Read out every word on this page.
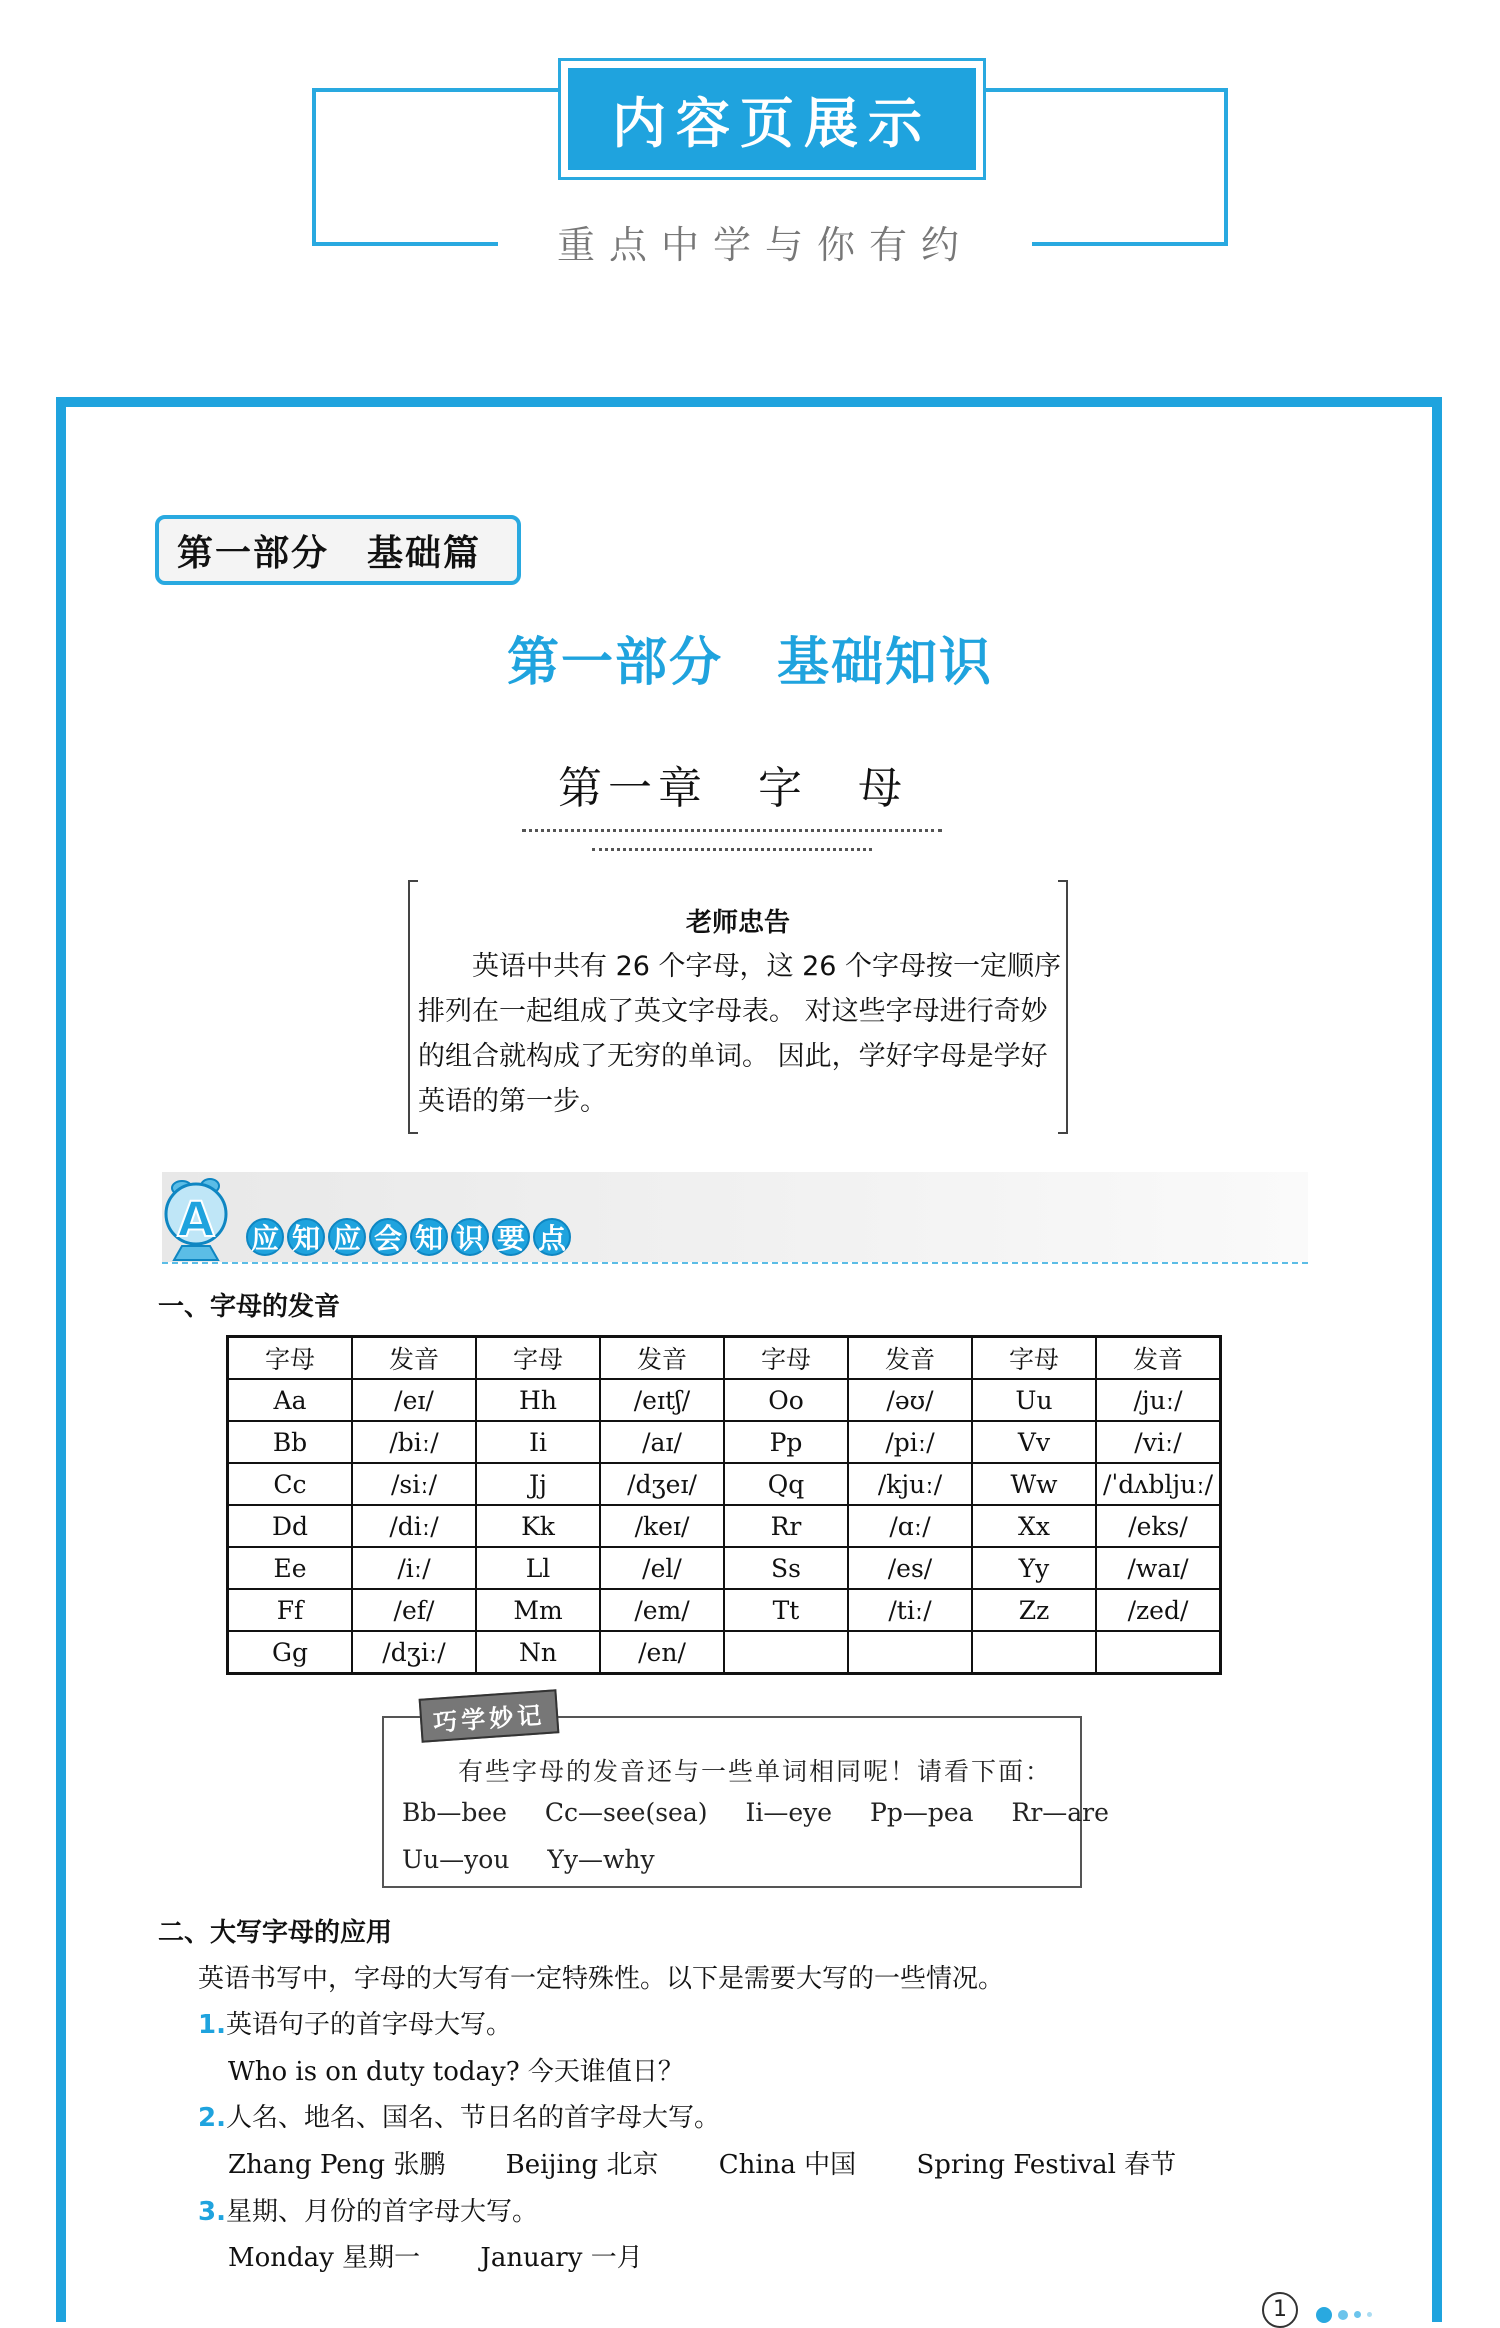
内容页展示
重点中学与你有约
第一部分 基础篇
第一部分　基础知识
第一章　字　母
老师忠告
英语中共有 26 个字母，这 26 个字母按一定顺序排列在一起组成了英文字母表。 对这些字母进行奇妙的组合就构成了无穷的单词。 因此，学好字母是学好英语的第一步。
A 应 知 应 会 知 识 要 点
一、字母的发音
字母	发音	字母	发音	字母	发音	字母	发音
Aa	/eɪ/	Hh	/eɪtʃ/	Oo	/əʊ/	Uu	/juː/
Bb	/biː/	Ii	/aɪ/	Pp	/piː/	Vv	/viː/
Cc	/siː/	Jj	/dʒeɪ/	Qq	/kjuː/	Ww	/ˈdʌbljuː/
Dd	/diː/	Kk	/keɪ/	Rr	/ɑː/	Xx	/eks/
Ee	/iː/	Ll	/el/	Ss	/es/	Yy	/waɪ/
Ff	/ef/	Mm	/em/	Tt	/tiː/	Zz	/zed/
Gg	/dʒiː/	Nn	/en/				
巧学妙记
有些字母的发音还与一些单词相同呢！请看下面：
Bb—bee Cc—see(sea) Ii—eye Pp—pea Rr—are
Uu—you Yy—why
二、大写字母的应用
英语书写中，字母的大写有一定特殊性。以下是需要大写的一些情况。
1.英语句子的首字母大写。
Who is on duty today? 今天谁值日？
2.人名、地名、国名、节日名的首字母大写。
Zhang Peng 张鹏 Beijing 北京 China 中国 Spring Festival 春节
3.星期、月份的首字母大写。
Monday 星期一 January 一月
1
